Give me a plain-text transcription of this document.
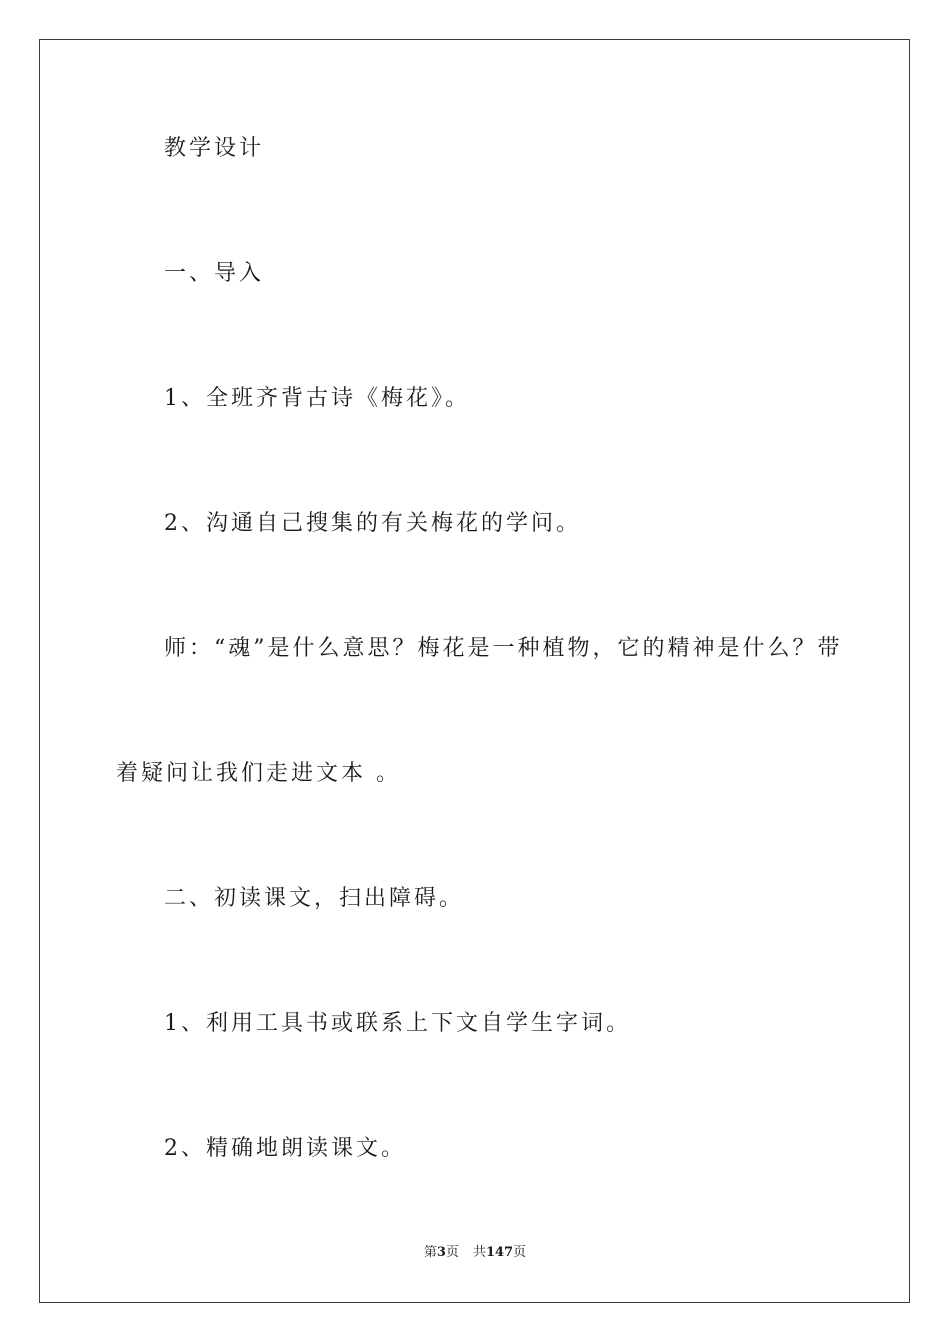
教学设计

一、导入

1、全班齐背古诗《梅花》。

2、沟通自己搜集的有关梅花的学问。

师：“魂”是什么意思？梅花是一种植物，它的精神是什么？带

着疑问让我们走进文本 。

二、初读课文，扫出障碍。

1、利用工具书或联系上下文自学生字词。

2、精确地朗读课文。

第3页 共147页
